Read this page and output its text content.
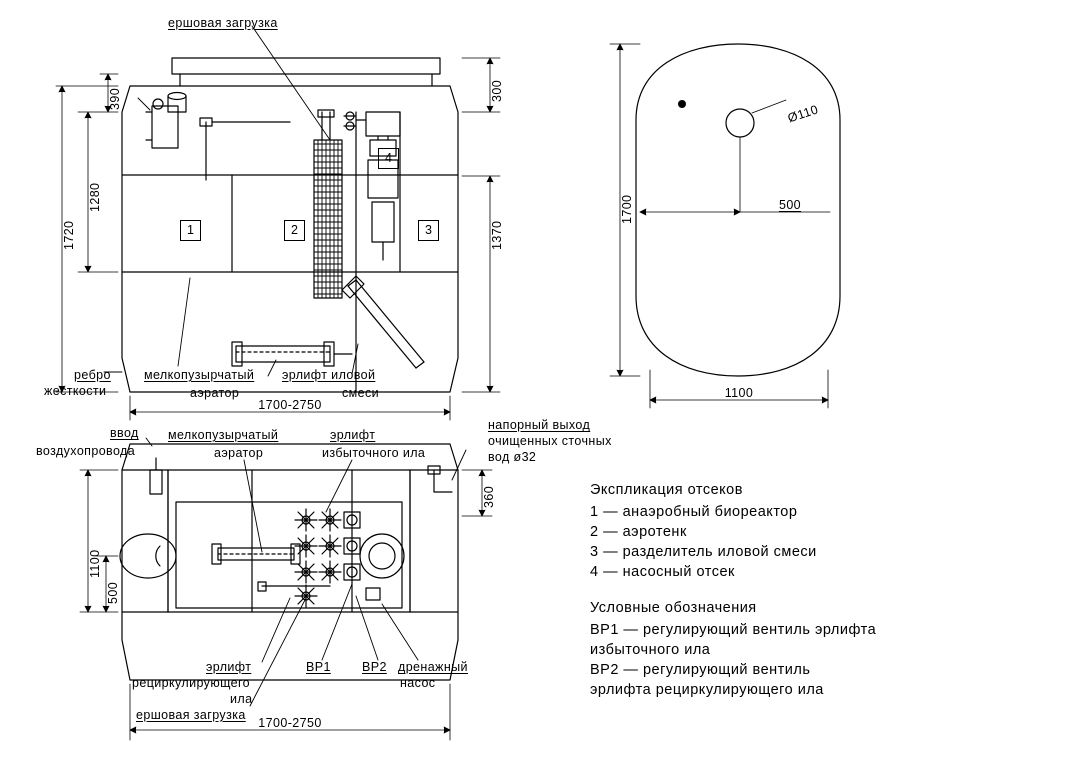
ершовая загрузка
ребро
жесткости
мелкопузырчатый
аэратор
эрлифт иловой
смеси
1720
1280
390	300
1370
1700-2750
1	2	3
4
1700
1100
500
Ø110
ввод
воздухопровода
мелкопузырчатый
аэратор
эрлифт
избыточного ила
напорный выход
очищенных сточных
вод ø32
эрлифт
рециркулирующего
ила
ершовая загрузка
ВР1 ВР2 дренажный
насос
1100
500
360
1700-2750
Экспликация отсеков
1 — анаэробный биореактор
2 — аэротенк
3 — разделитель иловой смеси
4 — насосный отсек
Условные обозначения
ВР1 — регулирующий вентиль эрлифта
избыточного ила
ВР2 — регулирующий вентиль
эрлифта рециркулирующего ила
